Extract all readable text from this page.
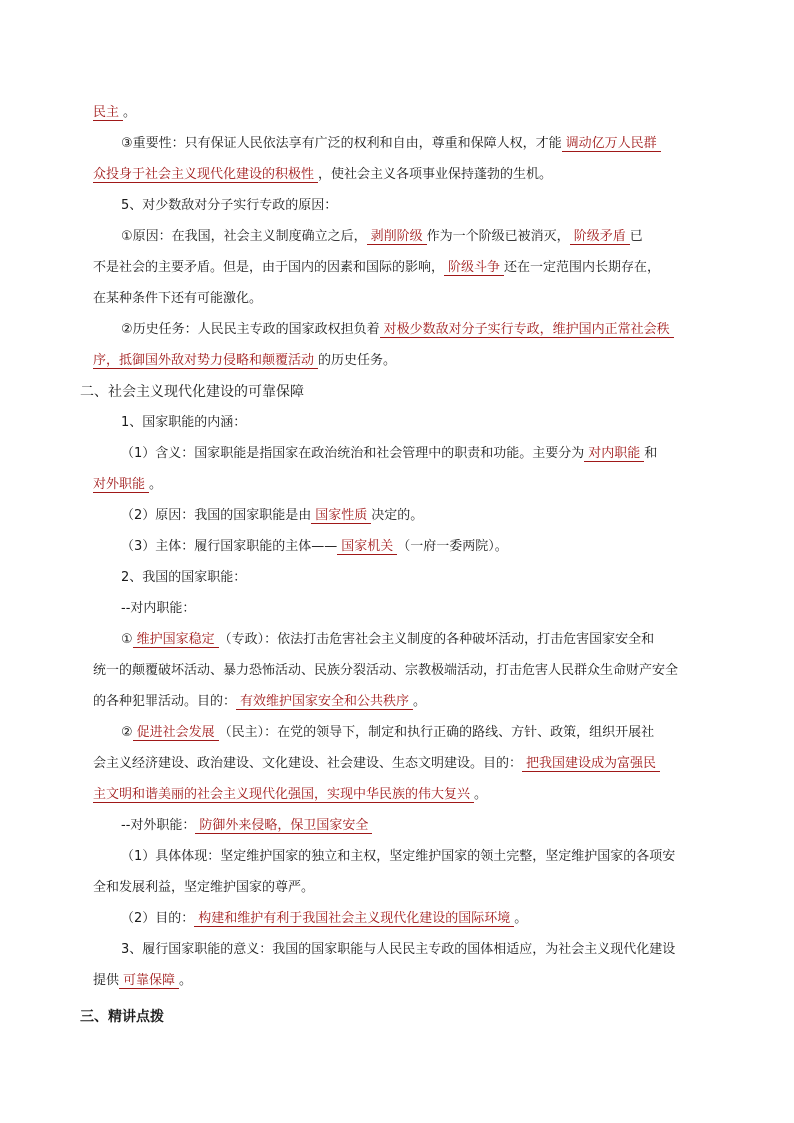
民主 。
③重要性：只有保证人民依法享有广泛的权利和自由，尊重和保障人权，才能 调动亿万人民群
众投身于社会主义现代化建设的积极性 ，使社会主义各项事业保持蓬勃的生机。
5、对少数敌对分子实行专政的原因：
①原因：在我国，社会主义制度确立之后， 剥削阶级 作为一个阶级已被消灭， 阶级矛盾 已
不是社会的主要矛盾。但是，由于国内的因素和国际的影响， 阶级斗争 还在一定范围内长期存在，
在某种条件下还有可能激化。
②历史任务：人民民主专政的国家政权担负着 对极少数敌对分子实行专政，维护国内正常社会秩
序，抵御国外敌对势力侵略和颠覆活动 的历史任务。
二、社会主义现代化建设的可靠保障
1、国家职能的内涵：
（1）含义：国家职能是指国家在政治统治和社会管理中的职责和功能。主要分为 对内职能 和
对外职能 。
（2）原因：我国的国家职能是由 国家性质 决定的。
（3）主体：履行国家职能的主体—— 国家机关 （一府一委两院）。
2、我国的国家职能：
--对内职能：
① 维护国家稳定 （专政）：依法打击危害社会主义制度的各种破坏活动，打击危害国家安全和
统一的颠覆破坏活动、暴力恐怖活动、民族分裂活动、宗教极端活动，打击危害人民群众生命财产安全
的各种犯罪活动。目的： 有效维护国家安全和公共秩序 。
② 促进社会发展 （民主）：在党的领导下，制定和执行正确的路线、方针、政策，组织开展社
会主义经济建设、政治建设、文化建设、社会建设、生态文明建设。目的： 把我国建设成为富强民
主文明和谐美丽的社会主义现代化强国，实现中华民族的伟大复兴 。
--对外职能： 防御外来侵略，保卫国家安全
（1）具体体现：坚定维护国家的独立和主权，坚定维护国家的领土完整，坚定维护国家的各项安
全和发展利益，坚定维护国家的尊严。
（2）目的： 构建和维护有利于我国社会主义现代化建设的国际环境 。
3、履行国家职能的意义：我国的国家职能与人民民主专政的国体相适应，为社会主义现代化建设
提供 可靠保障 。
三、精讲点拨
